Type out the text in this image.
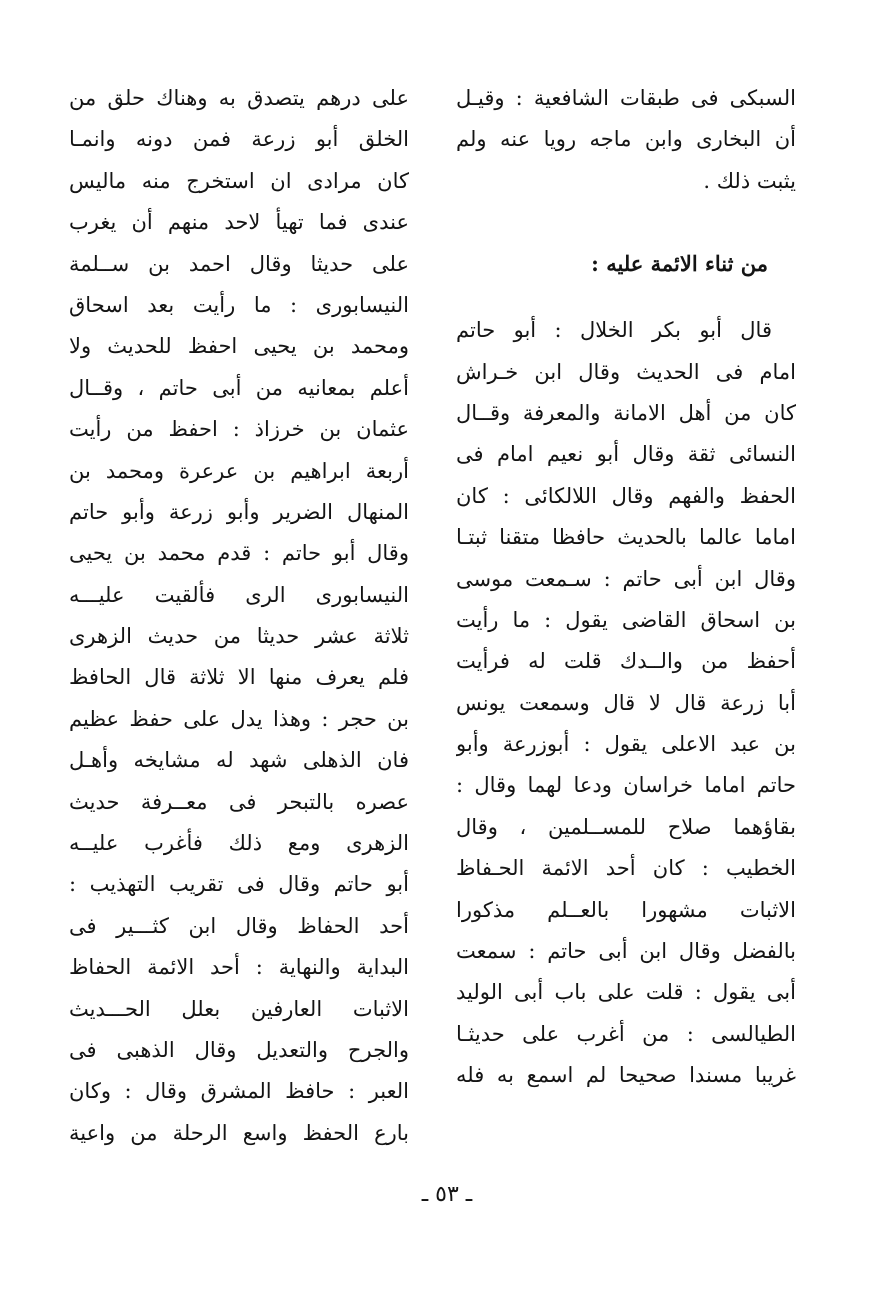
السبكى فى طبقات الشافعية : وقيـل
أن البخارى وابن ماجه رويا عنه ولم
يثبت ذلك .
من ثناء الائمة عليه :
قال أبو بكر الخلال : أبو حاتم
امام فى الحديث وقال ابن خـراش
كان من أهل الامانة والمعرفة وقــال
النسائى ثقة وقال أبو نعيم امام فى
الحفظ والفهم وقال اللالكائى : كان
اماما عالما بالحديث حافظا متقنا ثبتـا
وقال ابن أبى حاتم : سـمعت موسى
بن اسحاق القاضى يقول : ما رأيت
أحفظ من والــدك قلت له فرأيت
أبا زرعة قال لا قال وسمعت يونس
بن عبد الاعلى يقول : أبوزرعة وأبو
حاتم اماما خراسان ودعا لهما وقال :
بقاؤهما صلاح للمســلمين ، وقال
الخطيب : كان أحد الائمة الحـفاظ
الاثبات مشهورا بالعــلم مذكورا
بالفضل وقال ابن أبى حاتم : سمعت
أبى يقول : قلت على باب أبى الوليد
الطيالسى : من أغرب على حديثـا
غريبا مسندا صحيحا لم اسمع به فله
على درهم يتصدق به وهناك حلق من
الخلق أبو زرعة فمن دونه وانمـا
كان مرادى ان استخرج منه ماليس
عندى فما تهيأ لاحد منهم أن يغرب
على حديثا وقال احمد بن ســلمة
النيسابورى : ما رأيت بعد اسحاق
ومحمد بن يحيى احفظ للحديث ولا
أعلم بمعانيه من أبى حاتم ، وقــال
عثمان بن خرزاذ : احفظ من رأيت
أربعة ابراهيم بن عرعرة ومحمد بن
المنهال الضرير وأبو زرعة وأبو حاتم
وقال أبو حاتم : قدم محمد بن يحيى
النيسابورى الرى فألقيت عليـــه
ثلاثة عشر حديثا من حديث الزهرى
فلم يعرف منها الا ثلاثة قال الحافظ
بن حجر : وهذا يدل على حفظ عظيم
فان الذهلى شهد له مشايخه وأهـل
عصره بالتبحر فى معــرفة حديث
الزهرى ومع ذلك فأغرب عليــه
أبو حاتم وقال فى تقريب التهذيب :
أحد الحفاظ وقال ابن كثـــير فى
البداية والنهاية : أحد الائمة الحفاظ
الاثبات العارفين بعلل الحـــديث
والجرح والتعديل وقال الذهبى فى
العبر : حافظ المشرق وقال : وكان
بارع الحفظ واسع الرحلة من واعية
ـ ٥٣ ـ
